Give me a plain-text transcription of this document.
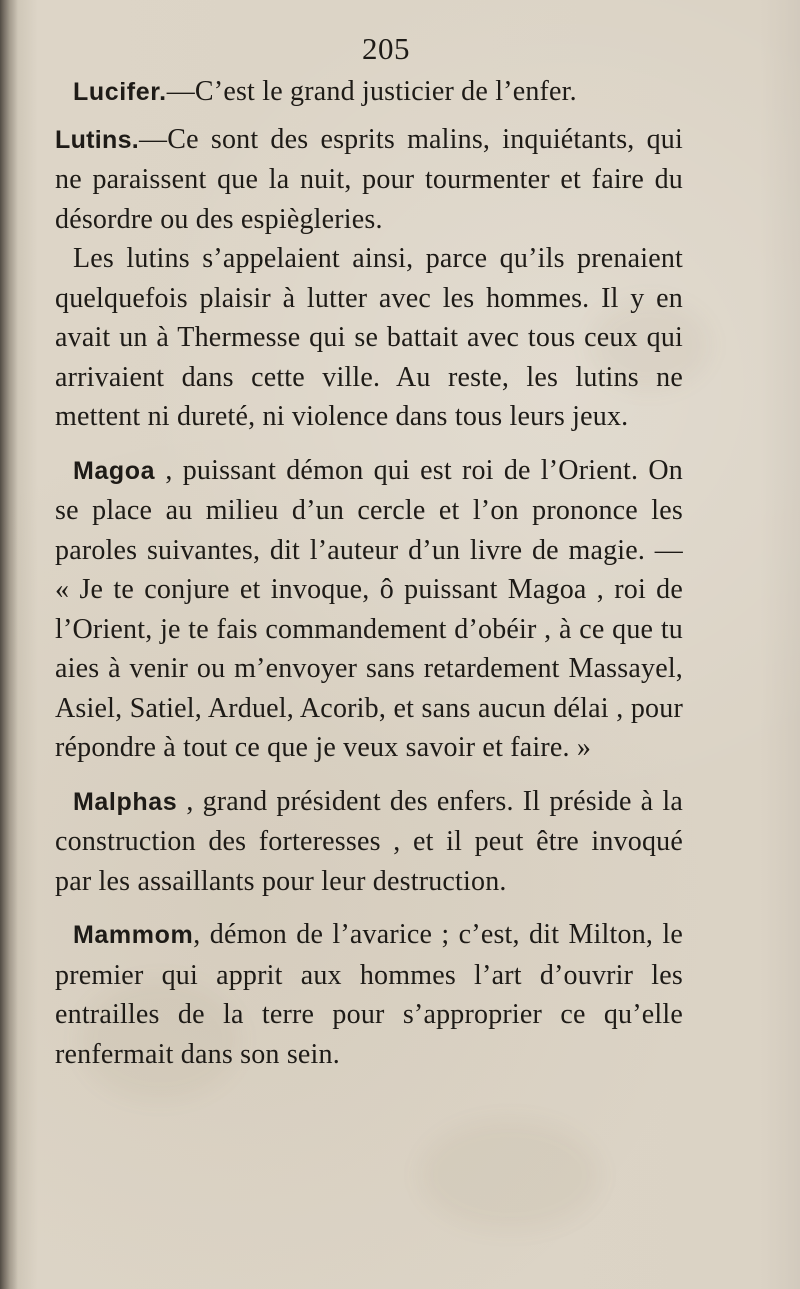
205

Lucifer.—C’est le grand justicier de l’enfer.

Lutins.—Ce sont des esprits malins, inquiétants, qui ne paraissent que la nuit, pour tourmenter et faire du désordre ou des espiègleries.

Les lutins s’appelaient ainsi, parce qu’ils prenaient quelquefois plaisir à lutter avec les hommes. Il y en avait un à Thermesse qui se battait avec tous ceux qui arrivaient dans cette ville. Au reste, les lutins ne mettent ni dureté, ni violence dans tous leurs jeux.

Magoa , puissant démon qui est roi de l’Orient. On se place au milieu d’un cercle et l’on prononce les paroles suivantes, dit l’auteur d’un livre de magie. — « Je te conjure et invoque, ô puissant Magoa , roi de l’Orient, je te fais commandement d’obéir , à ce que tu aies à venir ou m’envoyer sans retardement Massayel, Asiel, Satiel, Arduel, Acorib, et sans aucun délai , pour répondre à tout ce que je veux savoir et faire. »

Malphas , grand président des enfers. Il préside à la construction des forteresses , et il peut être invoqué par les assaillants pour leur destruction.

Mammom, démon de l’avarice ; c’est, dit Milton, le premier qui apprit aux hommes l’art d’ouvrir les entrailles de la terre pour s’approprier ce qu’elle renfermait dans son sein.
